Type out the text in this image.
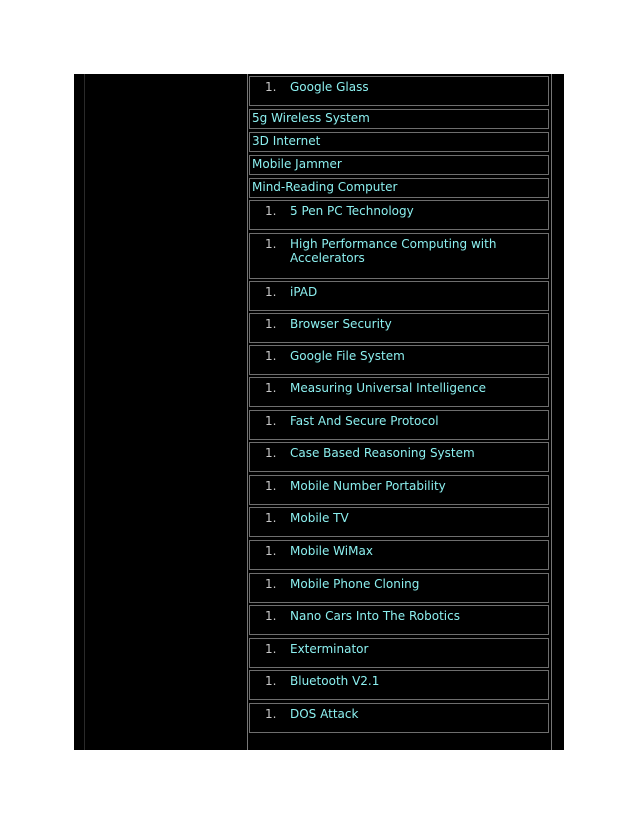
1. Google Glass
5g Wireless System
3D Internet
Mobile Jammer
Mind-Reading Computer
1. 5 Pen PC Technology
1. High Performance Computing with Accelerators
1. iPAD
1. Browser Security
1. Google File System
1. Measuring Universal Intelligence
1. Fast And Secure Protocol
1. Case Based Reasoning System
1. Mobile Number Portability
1. Mobile TV
1. Mobile WiMax
1. Mobile Phone Cloning
1. Nano Cars Into The Robotics
1. Exterminator
1. Bluetooth V2.1
1. DOS Attack
